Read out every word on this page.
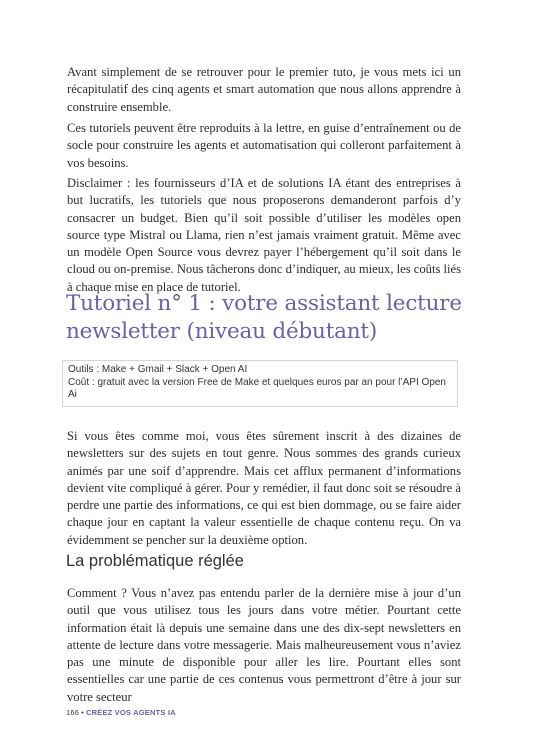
Avant simplement de se retrouver pour le premier tuto, je vous mets ici un récapitulatif des cinq agents et smart automation que nous allons apprendre à construire ensemble.

Ces tutoriels peuvent être reproduits à la lettre, en guise d’entraînement ou de socle pour construire les agents et automatisation qui colleront parfaitement à vos besoins.

Disclaimer : les fournisseurs d’IA et de solutions IA étant des entreprises à but lucratifs, les tutoriels que nous proposerons demanderont parfois d’y consacrer un budget. Bien qu’il soit possible d’utiliser les modèles open source type Mistral ou Llama, rien n’est jamais vraiment gratuit. Même avec un modèle Open Source vous devrez payer l’hébergement qu’il soit dans le cloud ou on-premise. Nous tâcherons donc d’indiquer, au mieux, les coûts liés à chaque mise en place de tutoriel.

Tutoriel n° 1 : votre assistant lecture newsletter (niveau débutant)
Outils : Make + Gmail + Slack + Open AI
Coût : gratuit avec la version Free de Make et quelques euros par an pour l’API Open Ai

Si vous êtes comme moi, vous êtes sûrement inscrit à des dizaines de newsletters sur des sujets en tout genre. Nous sommes des grands curieux animés par une soif d’apprendre. Mais cet afflux permanent d’informations devient vite compliqué à gérer. Pour y remédier, il faut donc soit se résoudre à perdre une partie des informations, ce qui est bien dommage, ou se faire aider chaque jour en captant la valeur essentielle de chaque contenu reçu. On va évidemment se pencher sur la deuxième option.

La problématique réglée

Comment ? Vous n’avez pas entendu parler de la dernière mise à jour d’un outil que vous utilisez tous les jours dans votre métier. Pourtant cette information était là depuis une semaine dans une des dix-sept newsletters en attente de lecture dans votre messagerie. Mais malheureusement vous n’aviez pas une minute de disponible pour aller les lire. Pourtant elles sont essentielles car une partie de ces contenus vous permettront d’être à jour sur votre secteur

166 • CRÉEZ VOS AGENTS IA
